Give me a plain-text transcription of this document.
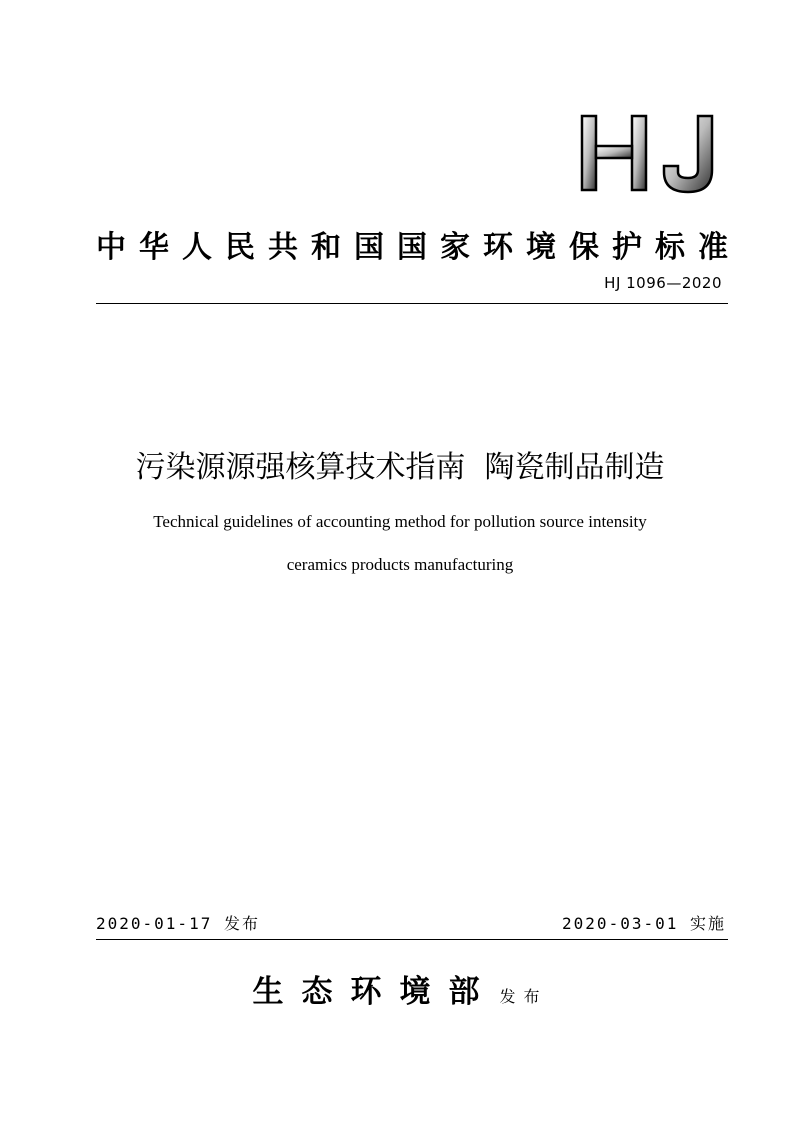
中 华 人 民 共 和 国 国 家 环 境 保 护 标 准
HJ 1096—2020
污染源源强核算技术指南  陶瓷制品制造
Technical guidelines of accounting method for pollution source intensity
ceramics products manufacturing
2020-01-17 发布	2020-03-01 实施
生态环境部 发布
